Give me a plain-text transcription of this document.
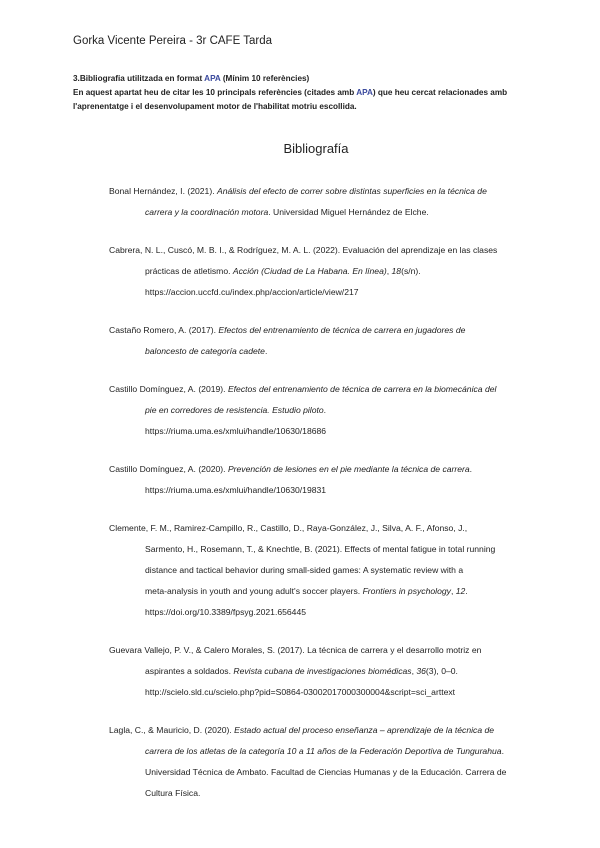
Gorka Vicente Pereira - 3r CAFE Tarda
3.Bibliografia utilitzada en format APA (Mínim 10 referències)
En aquest apartat heu de citar les 10 principals referències (citades amb APA) que heu cercat relacionades amb
l'aprenentatge i el desenvolupament motor de l'habilitat motriu escollida.
Bibliografía
Bonal Hernández, I. (2021). Análisis del efecto de correr sobre distintas superficies en la técnica de
carrera y la coordinación motora. Universidad Miguel Hernández de Elche.
Cabrera, N. L., Cuscó, M. B. I., & Rodríguez, M. A. L. (2022). Evaluación del aprendizaje en las clases
prácticas de atletismo. Acción (Ciudad de La Habana. En línea), 18(s/n).
https://accion.uccfd.cu/index.php/accion/article/view/217
Castaño Romero, A. (2017). Efectos del entrenamiento de técnica de carrera en jugadores de
baloncesto de categoría cadete.
Castillo Domínguez, A. (2019). Efectos del entrenamiento de técnica de carrera en la biomecánica del
pie en corredores de resistencia. Estudio piloto.
https://riuma.uma.es/xmlui/handle/10630/18686
Castillo Domínguez, A. (2020). Prevención de lesiones en el pie mediante la técnica de carrera.
https://riuma.uma.es/xmlui/handle/10630/19831
Clemente, F. M., Ramirez-Campillo, R., Castillo, D., Raya-González, J., Silva, A. F., Afonso, J.,
Sarmento, H., Rosemann, T., & Knechtle, B. (2021). Effects of mental fatigue in total running
distance and tactical behavior during small-sided games: A systematic review with a
meta-analysis in youth and young adult's soccer players. Frontiers in psychology, 12.
https://doi.org/10.3389/fpsyg.2021.656445
Guevara Vallejo, P. V., & Calero Morales, S. (2017). La técnica de carrera y el desarrollo motriz en
aspirantes a soldados. Revista cubana de investigaciones biomédicas, 36(3), 0–0.
http://scielo.sld.cu/scielo.php?pid=S0864-03002017000300004&script=sci_arttext
Lagla, C., & Mauricio, D. (2020). Estado actual del proceso enseñanza – aprendizaje de la técnica de
carrera de los atletas de la categoría 10 a 11 años de la Federación Deportiva de Tungurahua.
Universidad Técnica de Ambato. Facultad de Ciencias Humanas y de la Educación. Carrera de
Cultura Física.
